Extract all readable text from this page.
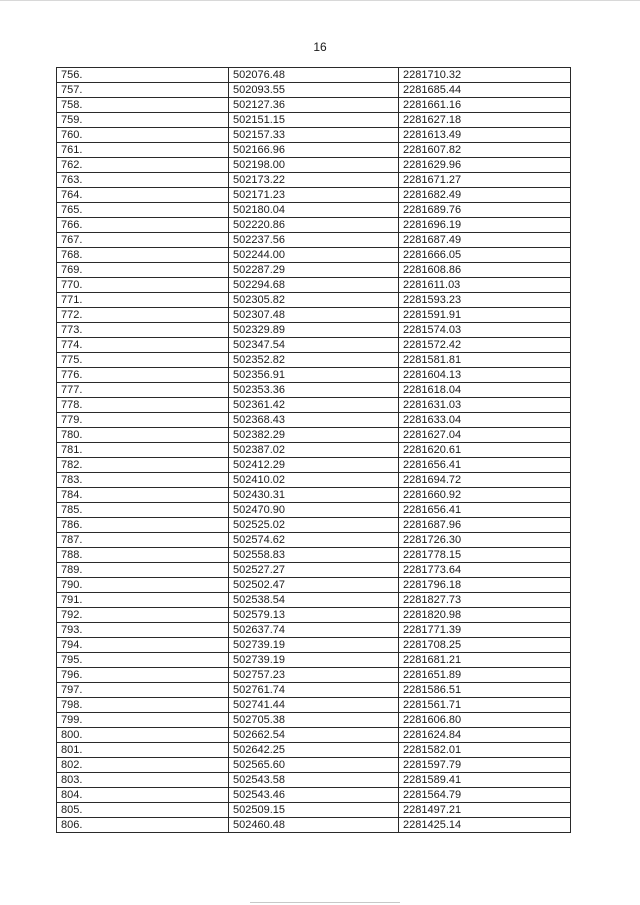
16
756.	502076.48	2281710.32
757.	502093.55	2281685.44
758.	502127.36	2281661.16
759.	502151.15	2281627.18
760.	502157.33	2281613.49
761.	502166.96	2281607.82
762.	502198.00	2281629.96
763.	502173.22	2281671.27
764.	502171.23	2281682.49
765.	502180.04	2281689.76
766.	502220.86	2281696.19
767.	502237.56	2281687.49
768.	502244.00	2281666.05
769.	502287.29	2281608.86
770.	502294.68	2281611.03
771.	502305.82	2281593.23
772.	502307.48	2281591.91
773.	502329.89	2281574.03
774.	502347.54	2281572.42
775.	502352.82	2281581.81
776.	502356.91	2281604.13
777.	502353.36	2281618.04
778.	502361.42	2281631.03
779.	502368.43	2281633.04
780.	502382.29	2281627.04
781.	502387.02	2281620.61
782.	502412.29	2281656.41
783.	502410.02	2281694.72
784.	502430.31	2281660.92
785.	502470.90	2281656.41
786.	502525.02	2281687.96
787.	502574.62	2281726.30
788.	502558.83	2281778.15
789.	502527.27	2281773.64
790.	502502.47	2281796.18
791.	502538.54	2281827.73
792.	502579.13	2281820.98
793.	502637.74	2281771.39
794.	502739.19	2281708.25
795.	502739.19	2281681.21
796.	502757.23	2281651.89
797.	502761.74	2281586.51
798.	502741.44	2281561.71
799.	502705.38	2281606.80
800.	502662.54	2281624.84
801.	502642.25	2281582.01
802.	502565.60	2281597.79
803.	502543.58	2281589.41
804.	502543.46	2281564.79
805.	502509.15	2281497.21
806.	502460.48	2281425.14
